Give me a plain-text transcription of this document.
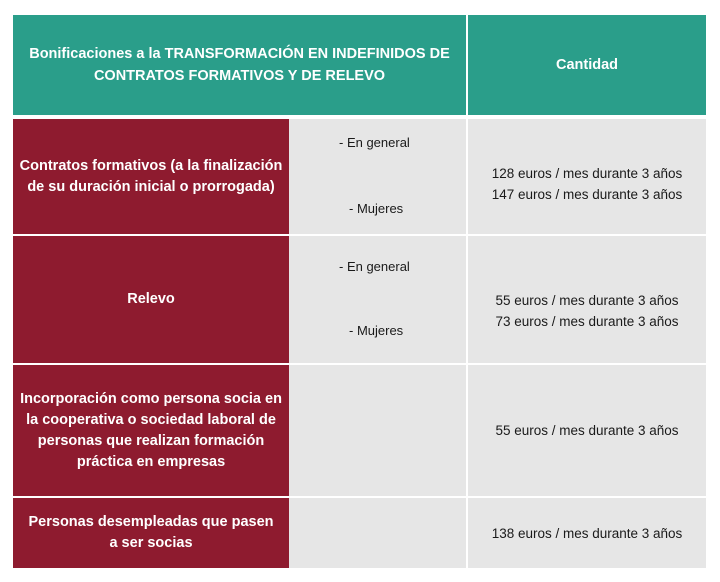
Bonificaciones a la TRANSFORMACIÓN EN INDEFINIDOS DE CONTRATOS FORMATIVOS Y DE RELEVO
Cantidad
Contratos formativos (a la finalización de su duración inicial o prorrogada)
- En general
- Mujeres
128 euros / mes durante 3 años
147 euros / mes durante 3 años
Relevo
- En general
- Mujeres
55 euros / mes durante 3 años
73 euros / mes durante 3 años
Incorporación como persona socia en la cooperativa o sociedad laboral de personas que realizan formación práctica en empresas
55 euros / mes durante 3 años
Personas desempleadas que pasen a ser socias
138 euros / mes durante 3 años
